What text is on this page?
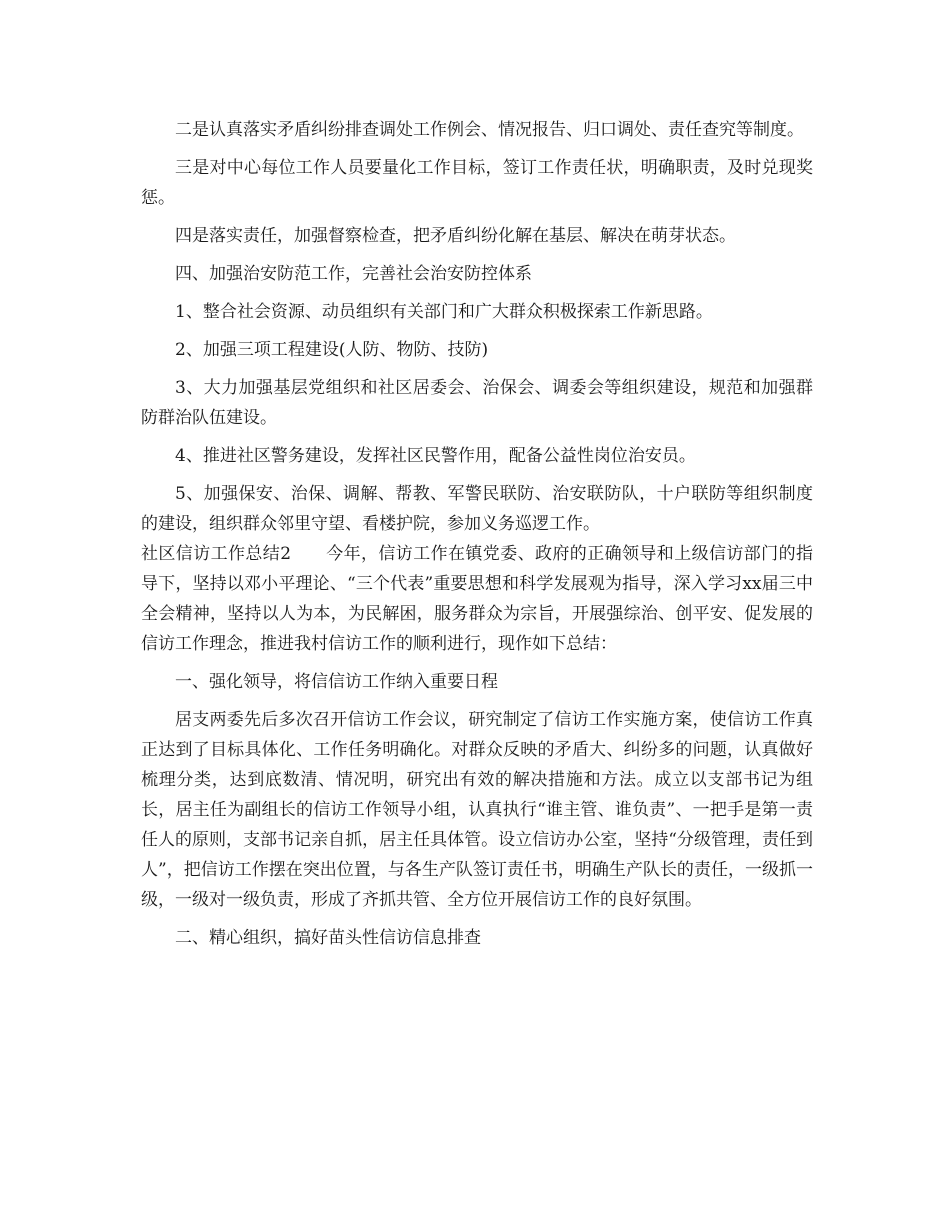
二是认真落实矛盾纠纷排查调处工作例会、情况报告、归口调处、责任查究等制度。

三是对中心每位工作人员要量化工作目标，签订工作责任状，明确职责，及时兑现奖惩。

四是落实责任，加强督察检查，把矛盾纠纷化解在基层、解决在萌芽状态。

四、加强治安防范工作，完善社会治安防控体系

1、整合社会资源、动员组织有关部门和广大群众积极探索工作新思路。

2、加强三项工程建设(人防、物防、技防)

3、大力加强基层党组织和社区居委会、治保会、调委会等组织建设，规范和加强群防群治队伍建设。

4、推进社区警务建设，发挥社区民警作用，配备公益性岗位治安员。

5、加强保安、治保、调解、帮教、军警民联防、治安联防队，十户联防等组织制度的建设，组织群众邻里守望、看楼护院，参加义务巡逻工作。

社区信访工作总结2　　今年，信访工作在镇党委、政府的正确领导和上级信访部门的指导下，坚持以邓小平理论、“三个代表”重要思想和科学发展观为指导，深入学习xx届三中全会精神，坚持以人为本，为民解困，服务群众为宗旨，开展强综治、创平安、促发展的信访工作理念，推进我村信访工作的顺利进行，现作如下总结：

一、强化领导，将信信访工作纳入重要日程

居支两委先后多次召开信访工作会议，研究制定了信访工作实施方案，使信访工作真正达到了目标具体化、工作任务明确化。对群众反映的矛盾大、纠纷多的问题，认真做好梳理分类，达到底数清、情况明，研究出有效的解决措施和方法。成立以支部书记为组长，居主任为副组长的信访工作领导小组，认真执行“谁主管、谁负责”、一把手是第一责任人的原则，支部书记亲自抓，居主任具体管。设立信访办公室，坚持“分级管理，责任到人”，把信访工作摆在突出位置，与各生产队签订责任书，明确生产队长的责任，一级抓一级，一级对一级负责，形成了齐抓共管、全方位开展信访工作的良好氛围。

二、精心组织，搞好苗头性信访信息排查
